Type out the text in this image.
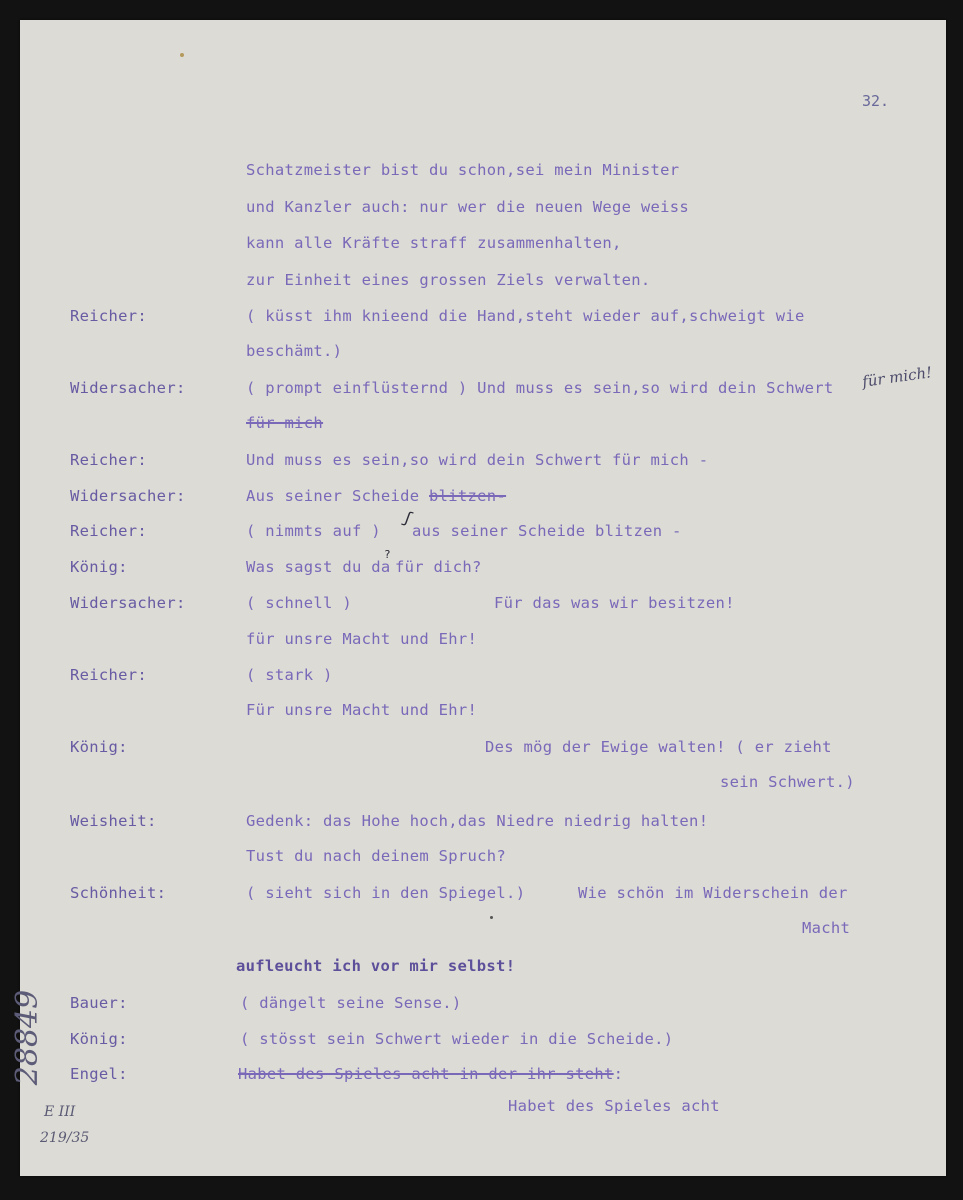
32.
Schatzmeister bist du schon,sei mein Minister
und Kanzler auch: nur wer die neuen Wege weiss
kann alle Kräfte straff zusammenhalten,
zur Einheit eines grossen Ziels verwalten.
Reicher:	( küsst ihm knieend die Hand,steht wieder auf,schweigt wie
beschämt.)
Widersacher:	( prompt einflüsternd ) Und muss es sein,so wird dein Schwert für mich!
für mich
Reicher:	Und muss es sein,so wird dein Schwert für mich -
Widersacher:	Aus seiner Scheide blitzen-
Reicher:	( nimmts auf ) aus seiner Scheide blitzen -
ʃ
König:	Was sagst du da
?
für dich?
Widersacher:	( schnell )	Für das was wir besitzen!
für unsre Macht und Ehr!
Reicher:	( stark )
Für unsre Macht und Ehr!
König:	Des mög der Ewige walten! ( er zieht
sein Schwert.)
Weisheit:	Gedenk: das Hohe hoch,das Niedre niedrig halten!
Tust du nach deinem Spruch?
Schönheit:	( sieht sich in den Spiegel.)	Wie schön im Widerschein der
Macht
aufleucht ich vor mir selbst!
Bauer:	( dängelt seine Sense.)
König:	( stösst sein Schwert wieder in die Scheide.)
Engel:	Habet des Spieles acht in der ihr steht:
Habet des Spieles acht
28849
E III
219/35
